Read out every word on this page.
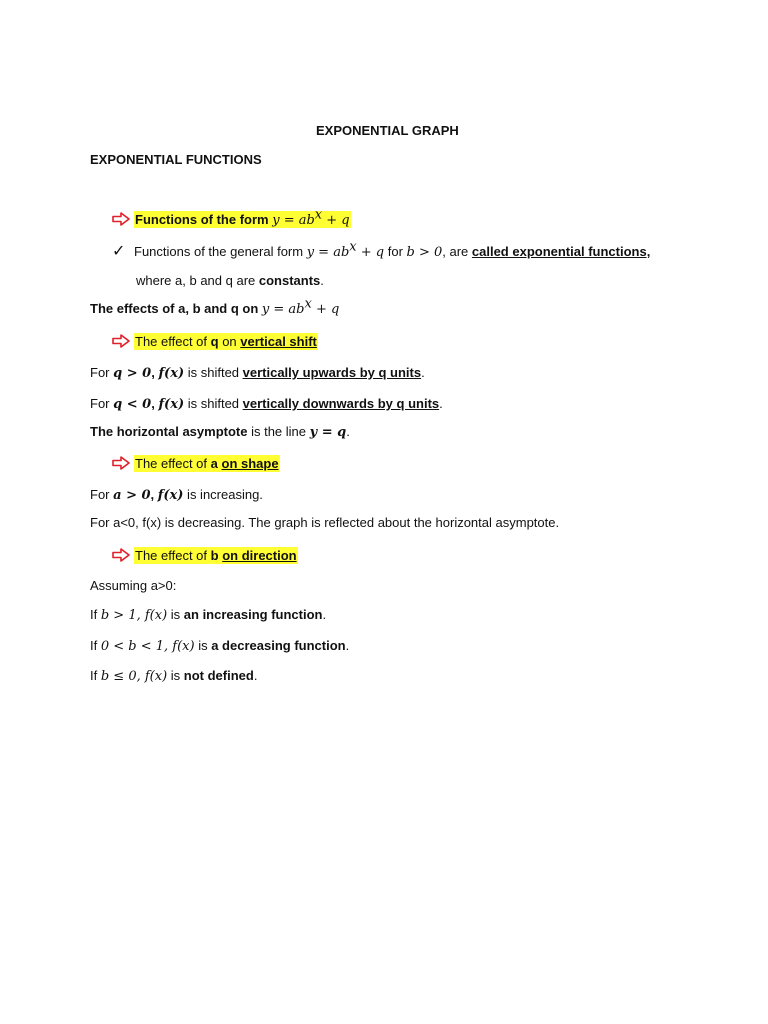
EXPONENTIAL GRAPH
EXPONENTIAL FUNCTIONS
Functions of the form $y = ab^x + q$
✓ Functions of the general form $y = ab^x + q$ for b > 0, are called exponential functions,
where a, b and q are constants.
The effects of a, b and q on $y = ab^x + q$
The effect of q on vertical shift
For q > 0, f(x) is shifted vertically upwards by q units.
For q < 0, f(x) is shifted vertically downwards by q units.
The horizontal asymptote is the line y = q.
The effect of a on shape
For a > 0, f(x) is increasing.
For a<0, f(x) is decreasing. The graph is reflected about the horizontal asymptote.
The effect of b on direction
Assuming a>0:
If b > 1, f(x) is an increasing function.
If 0 < b < 1, f(x) is a decreasing function.
If b ≤ 0, f(x) is not defined.
